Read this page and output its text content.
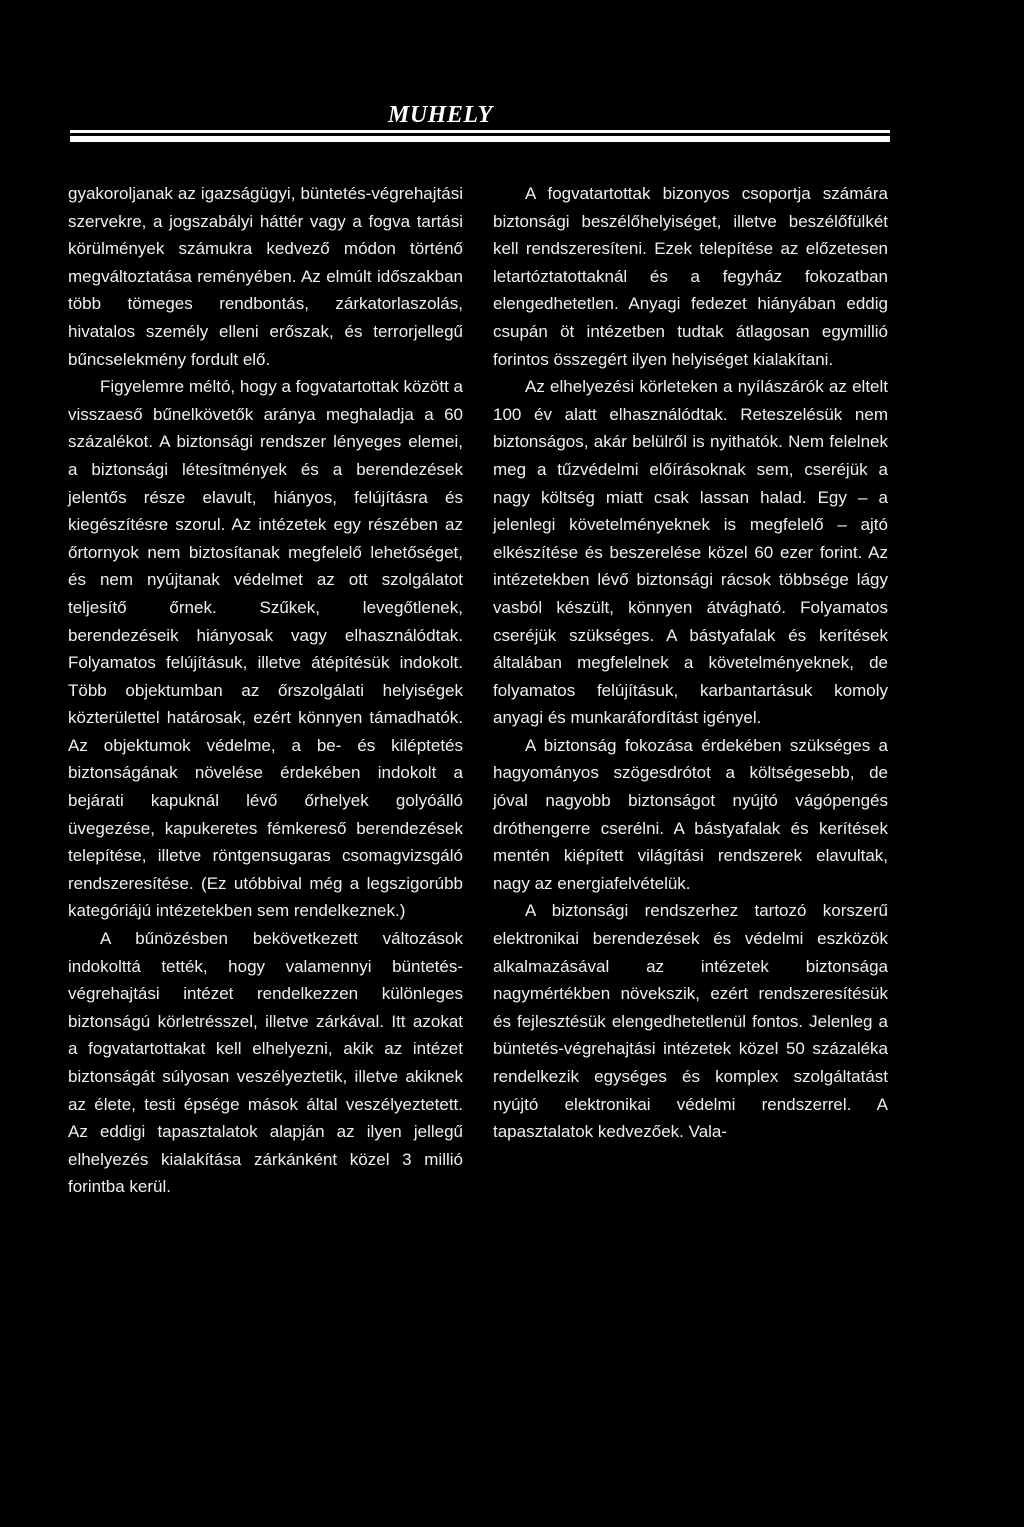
MUHELY

gyakoroljanak az igazságügyi, büntetés-végrehajtási szervekre, a jogszabályi háttér vagy a fogva tartási körülmények számukra kedvező módon történő megváltoztatása reményében. Az elmúlt időszakban több tömeges rendbontás, zárkatorlaszolás, hivatalos személy elleni erőszak, és terrorjellegű bűncselekmény fordult elő.

Figyelemre méltó, hogy a fogvatartottak között a visszaeső bűnelkövetők aránya meghaladja a 60 százalékot. A biztonsági rendszer lényeges elemei, a biztonsági létesítmények és a berendezések jelentős része elavult, hiányos, felújításra és kiegészítésre szorul. Az intézetek egy részében az őrtornyok nem biztosítanak megfelelő lehetőséget, és nem nyújtanak védelmet az ott szolgálatot teljesítő őrnek. Szűkek, levegőtlenek, berendezéseik hiányosak vagy elhasználódtak. Folyamatos felújításuk, illetve átépítésük indokolt. Több objektumban az őrszolgálati helyiségek közterülettel határosak, ezért könnyen támadhatók. Az objektumok védelme, a be- és kiléptetés biztonságának növelése érdekében indokolt a bejárati kapuknál lévő őrhelyek golyóálló üvegezése, kapukeretes fémkereső berendezések telepítése, illetve röntgensugaras csomagvizsgáló rendszeresítése. (Ez utóbbival még a legszigorúbb kategóriájú intézetekben sem rendelkeznek.)

A bűnözésben bekövetkezett változások indokolttá tették, hogy valamennyi büntetés-végrehajtási intézet rendelkezzen különleges biztonságú körletrésszel, illetve zárkával. Itt azokat a fogvatartottakat kell elhelyezni, akik az intézet biztonságát súlyosan veszélyeztetik, illetve akiknek az élete, testi épsége mások által veszélyeztetett. Az eddigi tapasztalatok alapján az ilyen jellegű elhelyezés kialakítása zárkánként közel 3 millió forintba kerül.

A fogvatartottak bizonyos csoportja számára biztonsági beszélőhelyiséget, illetve beszélőfülkét kell rendszeresíteni. Ezek telepítése az előzetesen letartóztatottaknál és a fegyház fokozatban elengedhetetlen. Anyagi fedezet hiányában eddig csupán öt intézetben tudtak átlagosan egymillió forintos összegért ilyen helyiséget kialakítani.

Az elhelyezési körleteken a nyílászárók az eltelt 100 év alatt elhasználódtak. Reteszelésük nem biztonságos, akár belülről is nyithatók. Nem felelnek meg a tűzvédelmi előírásoknak sem, cseréjük a nagy költség miatt csak lassan halad. Egy – a jelenlegi követelményeknek is megfelelő – ajtó elkészítése és beszerelése közel 60 ezer forint. Az intézetekben lévő biztonsági rácsok többsége lágy vasból készült, könnyen átvágható. Folyamatos cseréjük szükséges. A bástyafalak és kerítések általában megfelelnek a követelményeknek, de folyamatos felújításuk, karbantartásuk komoly anyagi és munkaráfordítást igényel.

A biztonság fokozása érdekében szükséges a hagyományos szögesdrótot a költségesebb, de jóval nagyobb biztonságot nyújtó vágópengés dróthengerre cserélni. A bástyafalak és kerítések mentén kiépített világítási rendszerek elavultak, nagy az energiafelvételük.

A biztonsági rendszerhez tartozó korszerű elektronikai berendezések és védelmi eszközök alkalmazásával az intézetek biztonsága nagymértékben növekszik, ezért rendszeresítésük és fejlesztésük elengedhetetlenül fontos. Jelenleg a büntetés-végrehajtási intézetek közel 50 százaléka rendelkezik egységes és komplex szolgáltatást nyújtó elektronikai védelmi rendszerrel. A tapasztalatok kedvezőek. Vala-
